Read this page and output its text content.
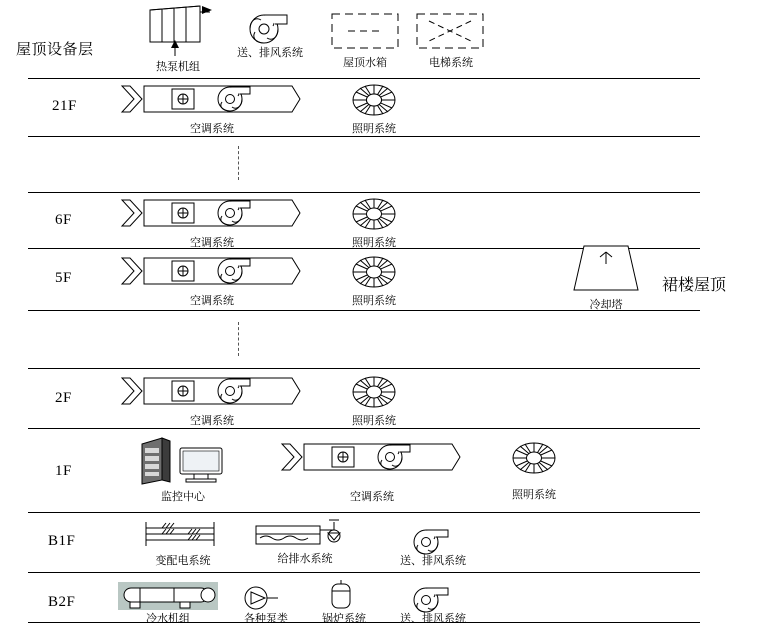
屋顶设备层
21F
6F
5F
2F
1F
B1F
B2F
热泵机组
送、排风系统
屋顶水箱	电梯系统
空调系统	照明系统
空调系统	照明系统
空调系统	照明系统	冷却塔
裙楼屋顶
空调系统	照明系统
监控中心	空调系统	照明系统
变配电系统	给排水系统	送、排风系统
冷水机组	各种泵类	锅炉系统	送、排风系统
